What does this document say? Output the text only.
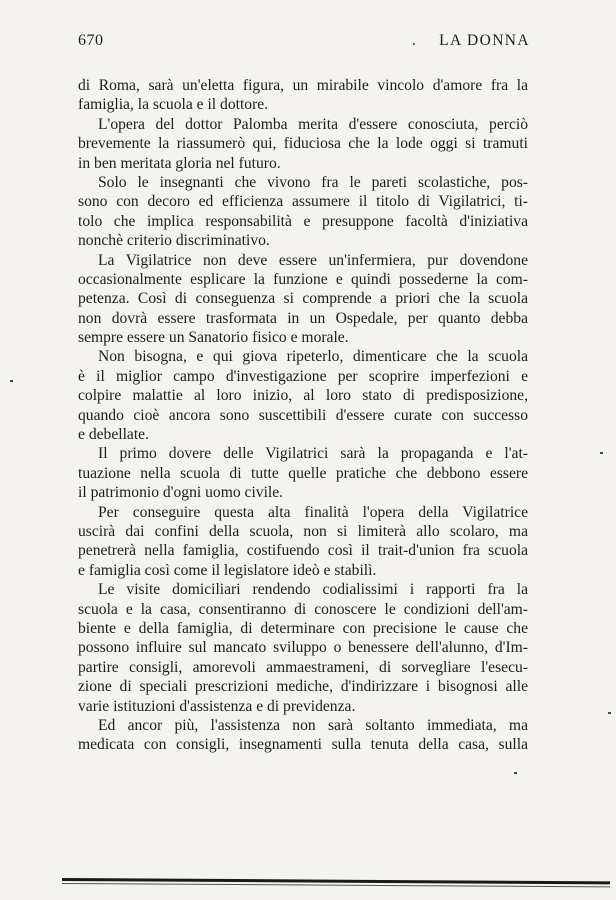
670	. LA DONNA
di Roma, sarà un'eletta figura, un mirabile vincolo d'amore fra la
famiglia, la scuola e il dottore.
L'opera del dottor Palomba merita d'essere conosciuta, perciò
brevemente la riassumerò qui, fiduciosa che la lode oggi si tramuti
in ben meritata gloria nel futuro.
Solo le insegnanti che vivono fra le pareti scolastiche, pos-
sono con decoro ed efficienza assumere il titolo di Vigilatrici, ti-
tolo che implica responsabilità e presuppone facoltà d'iniziativa
nonchè criterio discriminativo.
La Vigilatrice non deve essere un'infermiera, pur dovendone
occasionalmente esplicare la funzione e quindi possederne la com-
petenza. Così di conseguenza si comprende a priori che la scuola
non dovrà essere trasformata in un Ospedale, per quanto debba
sempre essere un Sanatorio fisico e morale.
Non bisogna, e qui giova ripeterlo, dimenticare che la scuola
è il miglior campo d'investigazione per scoprire imperfezioni e
colpire malattie al loro inizio, al loro stato di predisposizione,
quando cioè ancora sono suscettibili d'essere curate con successo
e debellate.
Il primo dovere delle Vigilatrici sarà la propaganda e l'at-
tuazione nella scuola di tutte quelle pratiche che debbono essere
il patrimonio d'ogni uomo civile.
Per conseguire questa alta finalità l'opera della Vigilatrice
uscirà dai confini della scuola, non si limiterà allo scolaro, ma
penetrerà nella famiglia, costifuendo così il trait-d'union fra scuola
e famiglia così come il legislatore ideò e stabilì.
Le visite domiciliari rendendo codialissimi i rapporti fra la
scuola e la casa, consentiranno di conoscere le condizioni dell'am-
biente e della famiglia, di determinare con precisione le cause che
possono influire sul mancato sviluppo o benessere dell'alunno, d'Im-
partire consigli, amorevoli ammaestrameni, di sorvegliare l'esecu-
zione di speciali prescrizioni mediche, d'indirizzare i bisognosi alle
varie istituzioni d'assistenza e di previdenza.
Ed ancor più, l'assistenza non sarà soltanto immediata, ma
medicata con consigli, insegnamenti sulla tenuta della casa, sulla
